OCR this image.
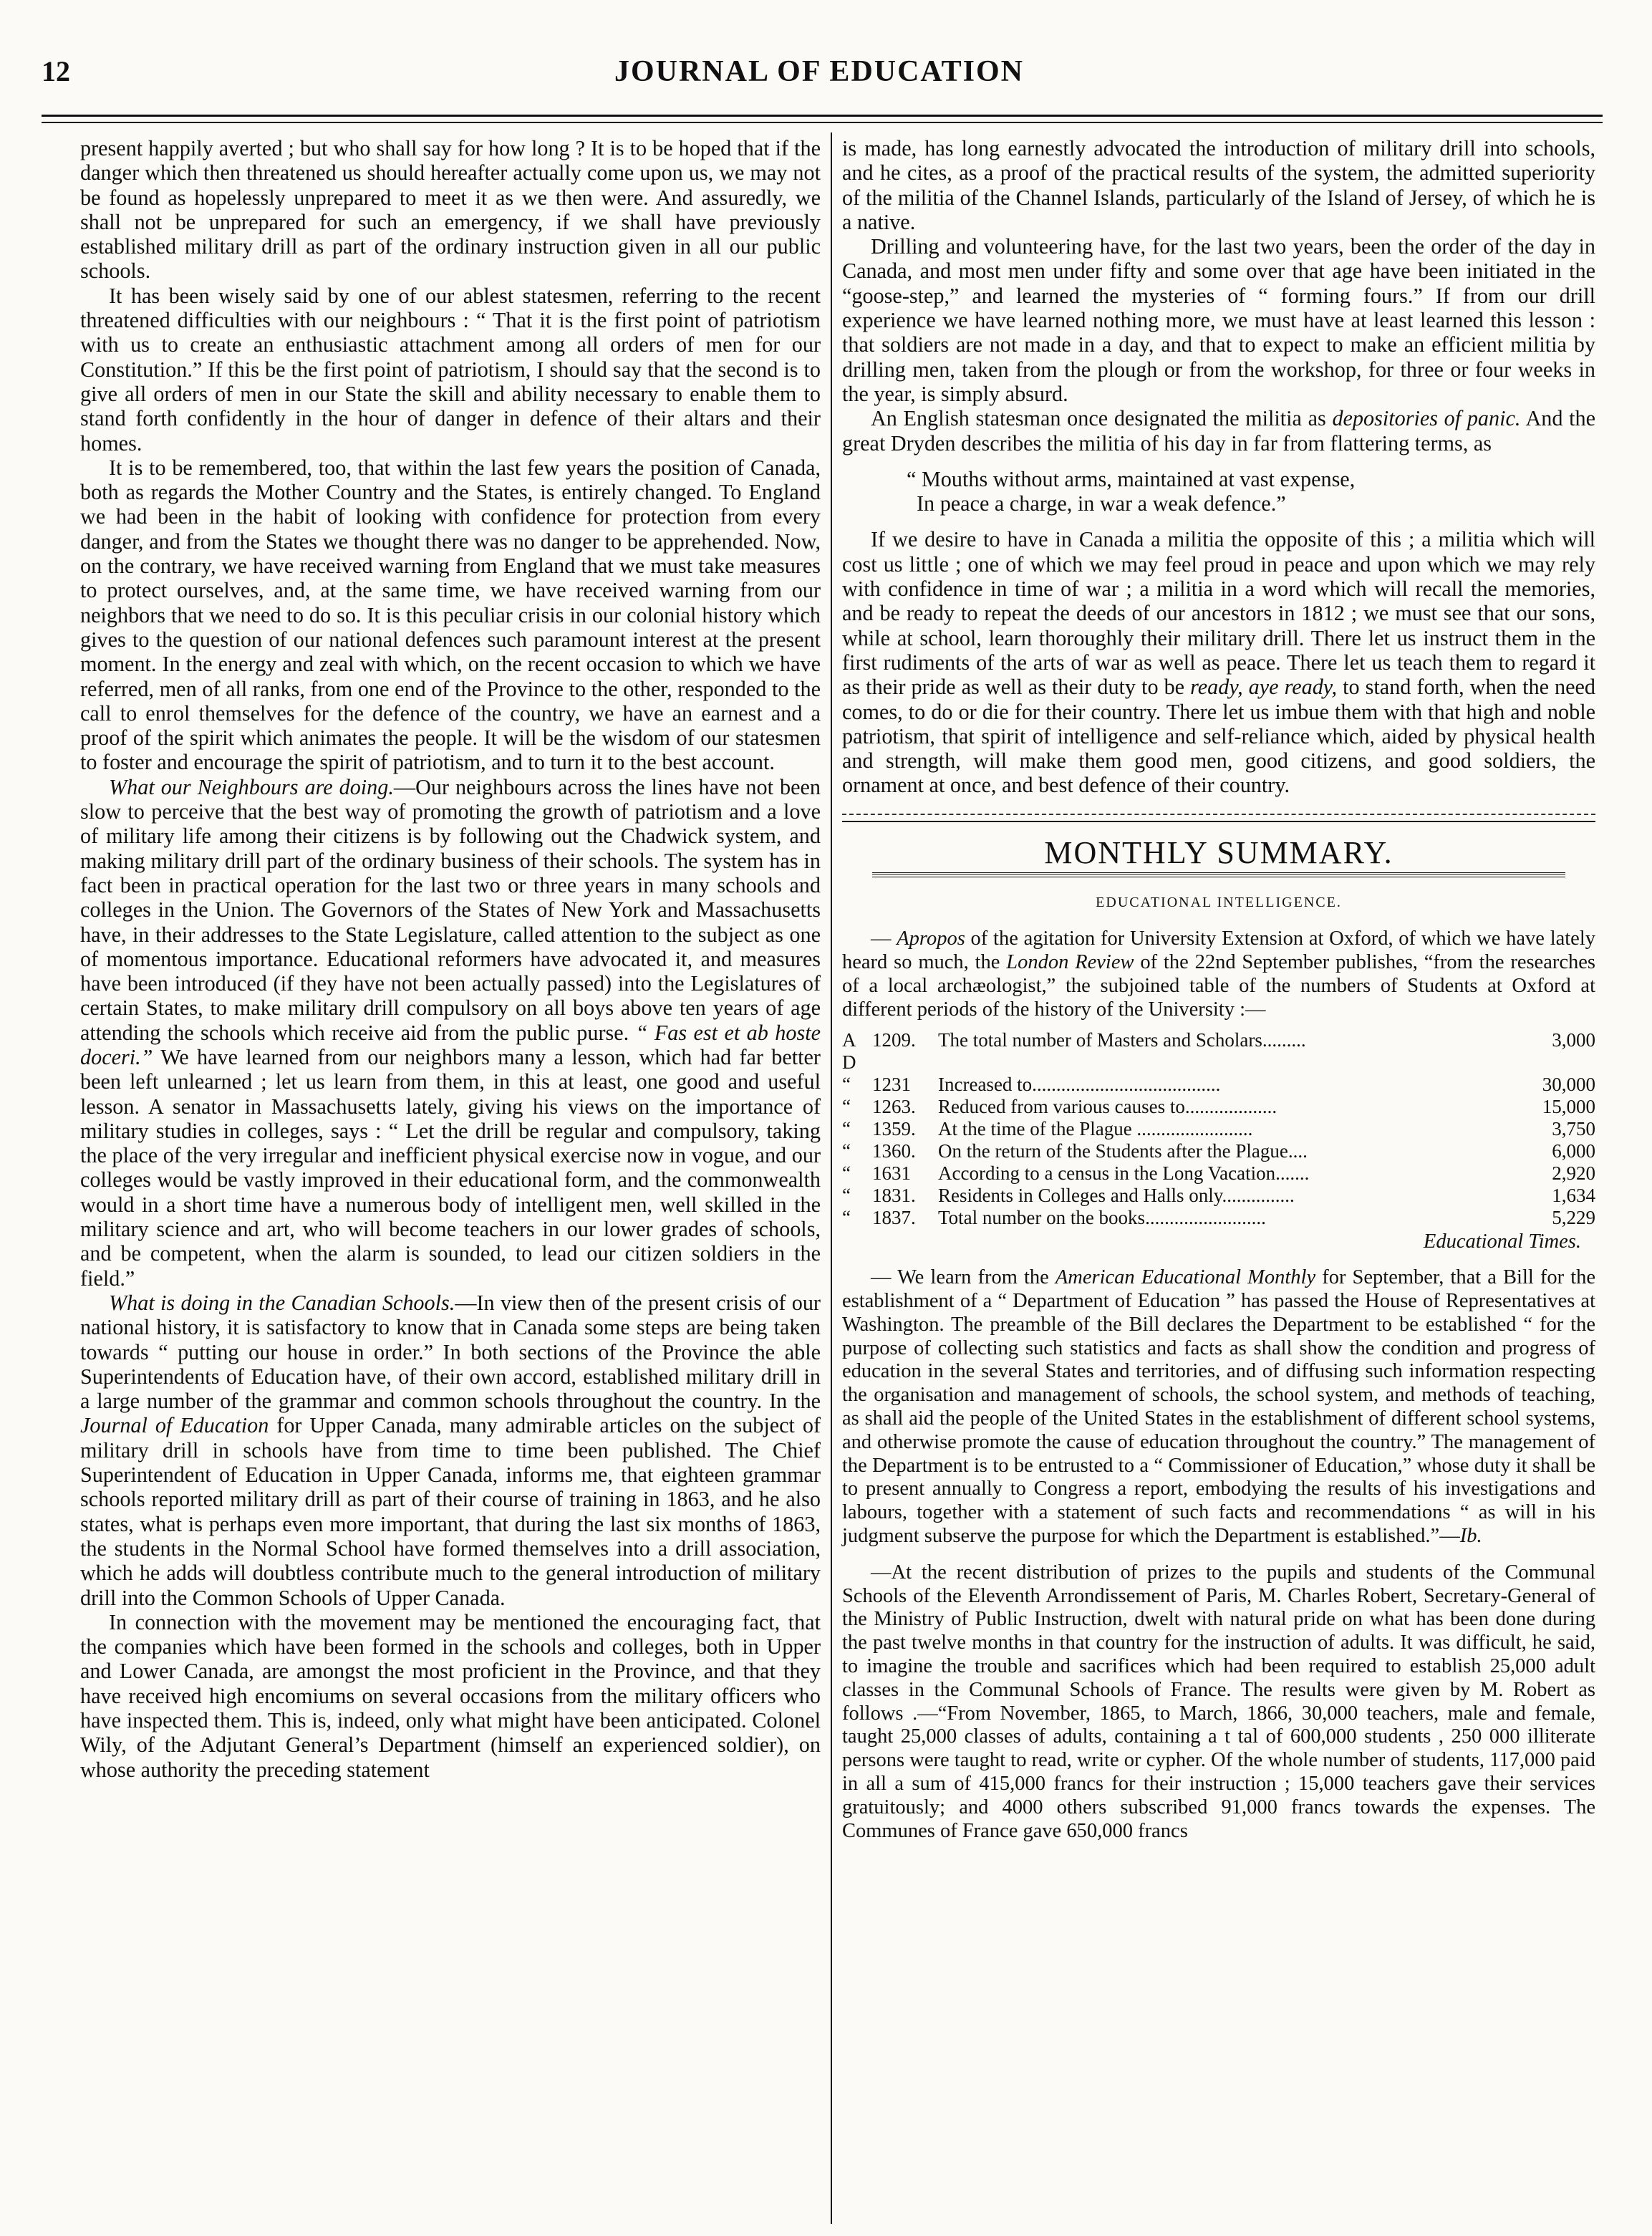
12	JOURNAL OF EDUCATION

present happily averted ; but who shall say for how long ? It is to be hoped that if the danger which then threatened us should hereafter actually come upon us, we may not be found as hopelessly unprepared to meet it as we then were. And assuredly, we shall not be unprepared for such an emergency, if we shall have previously established military drill as part of the ordinary instruction given in all our public schools.

It has been wisely said by one of our ablest statesmen, referring to the recent threatened difficulties with our neighbours : “ That it is the first point of patriotism with us to create an enthusiastic attachment among all orders of men for our Constitution.” If this be the first point of patriotism, I should say that the second is to give all orders of men in our State the skill and ability necessary to enable them to stand forth confidently in the hour of danger in defence of their altars and their homes.

It is to be remembered, too, that within the last few years the position of Canada, both as regards the Mother Country and the States, is entirely changed. To England we had been in the habit of looking with confidence for protection from every danger, and from the States we thought there was no danger to be apprehended. Now, on the contrary, we have received warning from England that we must take measures to protect ourselves, and, at the same time, we have received warning from our neighbors that we need to do so. It is this peculiar crisis in our colonial history which gives to the question of our national defences such paramount interest at the present moment. In the energy and zeal with which, on the recent occasion to which we have referred, men of all ranks, from one end of the Province to the other, responded to the call to enrol themselves for the defence of the country, we have an earnest and a proof of the spirit which animates the people. It will be the wisdom of our statesmen to foster and encourage the spirit of patriotism, and to turn it to the best account.

What our Neighbours are doing.—Our neighbours across the lines have not been slow to perceive that the best way of promoting the growth of patriotism and a love of military life among their citizens is by following out the Chadwick system, and making military drill part of the ordinary business of their schools. The system has in fact been in practical operation for the last two or three years in many schools and colleges in the Union. The Governors of the States of New York and Massachusetts have, in their addresses to the State Legislature, called attention to the subject as one of momentous importance. Educational reformers have advocated it, and measures have been introduced (if they have not been actually passed) into the Legislatures of certain States, to make military drill compulsory on all boys above ten years of age attending the schools which receive aid from the public purse. “ Fas est et ab hoste doceri.” We have learned from our neighbors many a lesson, which had far better been left unlearned ; let us learn from them, in this at least, one good and useful lesson. A senator in Massachusetts lately, giving his views on the importance of military studies in colleges, says : “ Let the drill be regular and compulsory, taking the place of the very irregular and inefficient physical exercise now in vogue, and our colleges would be vastly improved in their educational form, and the commonwealth would in a short time have a numerous body of intelligent men, well skilled in the military science and art, who will become teachers in our lower grades of schools, and be competent, when the alarm is sounded, to lead our citizen soldiers in the field.”

What is doing in the Canadian Schools.—In view then of the present crisis of our national history, it is satisfactory to know that in Canada some steps are being taken towards “ putting our house in order.” In both sections of the Province the able Superintendents of Education have, of their own accord, established military drill in a large number of the grammar and common schools throughout the country. In the Journal of Education for Upper Canada, many admirable articles on the subject of military drill in schools have from time to time been published. The Chief Superintendent of Education in Upper Canada, informs me, that eighteen grammar schools reported military drill as part of their course of training in 1863, and he also states, what is perhaps even more important, that during the last six months of 1863, the students in the Normal School have formed themselves into a drill association, which he adds will doubtless contribute much to the general introduction of military drill into the Common Schools of Upper Canada.

In connection with the movement may be mentioned the encouraging fact, that the companies which have been formed in the schools and colleges, both in Upper and Lower Canada, are amongst the most proficient in the Province, and that they have received high encomiums on several occasions from the military officers who have inspected them. This is, indeed, only what might have been anticipated. Colonel Wily, of the Adjutant General’s Department (himself an experienced soldier), on whose authority the preceding statement

is made, has long earnestly advocated the introduction of military drill into schools, and he cites, as a proof of the practical results of the system, the admitted superiority of the militia of the Channel Islands, particularly of the Island of Jersey, of which he is a native.

Drilling and volunteering have, for the last two years, been the order of the day in Canada, and most men under fifty and some over that age have been initiated in the “goose-step,” and learned the mysteries of “ forming fours.” If from our drill experience we have learned nothing more, we must have at least learned this lesson : that soldiers are not made in a day, and that to expect to make an efficient militia by drilling men, taken from the plough or from the workshop, for three or four weeks in the year, is simply absurd.

An English statesman once designated the militia as depositories of panic. And the great Dryden describes the militia of his day in far from flattering terms, as

“ Mouths without arms, maintained at vast expense,
In peace a charge, in war a weak defence.”

If we desire to have in Canada a militia the opposite of this ; a militia which will cost us little ; one of which we may feel proud in peace and upon which we may rely with confidence in time of war ; a militia in a word which will recall the memories, and be ready to repeat the deeds of our ancestors in 1812 ; we must see that our sons, while at school, learn thoroughly their military drill. There let us instruct them in the first rudiments of the arts of war as well as peace. There let us teach them to regard it as their pride as well as their duty to be ready, aye ready, to stand forth, when the need comes, to do or die for their country. There let us imbue them with that high and noble patriotism, that spirit of intelligence and self-reliance which, aided by physical health and strength, will make them good men, good citizens, and good soldiers, the ornament at once, and best defence of their country.

MONTHLY SUMMARY.
EDUCATIONAL INTELLIGENCE.

— Apropos of the agitation for University Extension at Oxford, of which we have lately heard so much, the London Review of the 22nd September publishes, “from the researches of a local archæologist,” the subjoined table of the numbers of Students at Oxford at different periods of the history of the University :—

A D	1209.	The total number of Masters and Scholars.........	3,000
“	1231	Increased to.......................................	30,000
“	1263.	Reduced from various causes to...................	15,000
“	1359.	At the time of the Plague ........................	3,750
“	1360.	On the return of the Students after the Plague....	6,000
“	1631	According to a census in the Long Vacation.......	2,920
“	1831.	Residents in Colleges and Halls only...............	1,634
“	1837.	Total number on the books.........................	5,229
Educational Times.

— We learn from the American Educational Monthly for September, that a Bill for the establishment of a “ Department of Education ” has passed the House of Representatives at Washington. The preamble of the Bill declares the Department to be established “ for the purpose of collecting such statistics and facts as shall show the condition and progress of education in the several States and territories, and of diffusing such information respecting the organisation and management of schools, the school system, and methods of teaching, as shall aid the people of the United States in the establishment of different school systems, and otherwise promote the cause of education throughout the country.” The management of the Department is to be entrusted to a “ Commissioner of Education,” whose duty it shall be to present annually to Congress a report, embodying the results of his investigations and labours, together with a statement of such facts and recommendations “ as will in his judgment subserve the purpose for which the Department is established.”—Ib.

—At the recent distribution of prizes to the pupils and students of the Communal Schools of the Eleventh Arrondissement of Paris, M. Charles Robert, Secretary-General of the Ministry of Public Instruction, dwelt with natural pride on what has been done during the past twelve months in that country for the instruction of adults. It was difficult, he said, to imagine the trouble and sacrifices which had been required to establish 25,000 adult classes in the Communal Schools of France. The results were given by M. Robert as follows .—“From November, 1865, to March, 1866, 30,000 teachers, male and female, taught 25,000 classes of adults, containing a t tal of 600,000 students , 250 000 illiterate persons were taught to read, write or cypher. Of the whole number of students, 117,000 paid in all a sum of 415,000 francs for their instruction ; 15,000 teachers gave their services gratuitously; and 4000 others subscribed 91,000 francs towards the expenses. The Communes of France gave 650,000 francs
